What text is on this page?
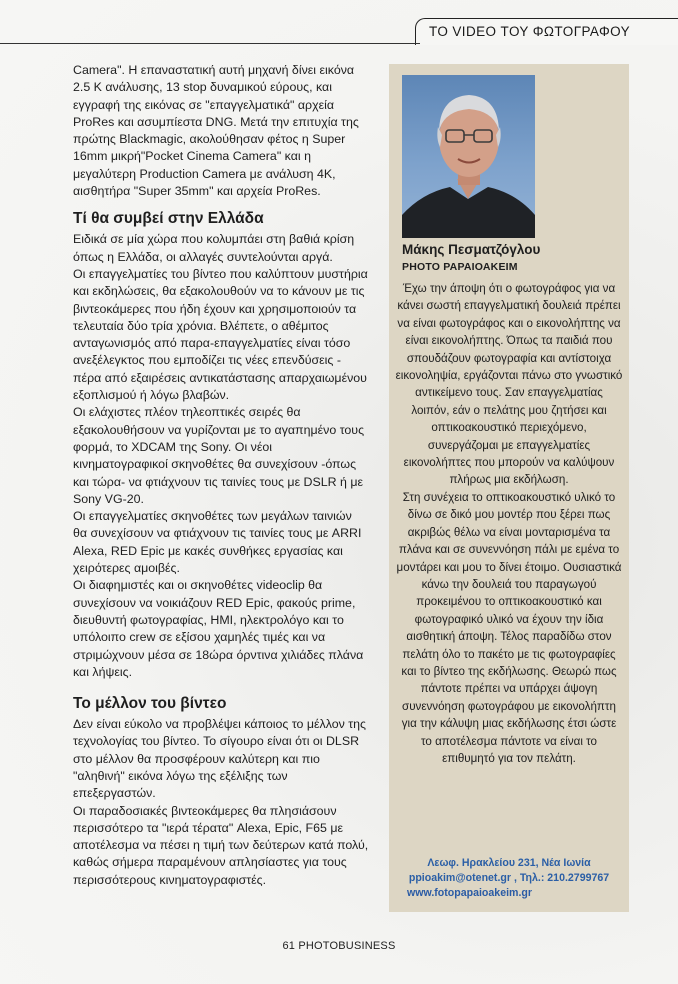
ΤΟ VIDEO ΤΟΥ ΦΩΤΟΓΡΑΦΟΥ

Camera". Η επαναστατική αυτή μηχανή δίνει εικόνα 2.5 Κ ανάλυσης, 13 stop δυναμικού εύρους, και εγγραφή της εικόνας σε "επαγγελματικά" αρχεία ProRes και ασυμπίεστα DNG. Μετά την επιτυχία της πρώτης Blackmagic, ακολούθησαν φέτος η Super 16mm μικρή"Pocket Cinema Camera" και η μεγαλύτερη Production Camera με ανάλυση 4K, αισθητήρα "Super 35mm" και αρχεία ProRes.

Τί θα συμβεί στην Ελλάδα

Ειδικά σε μία χώρα που κολυμπάει στη βαθιά κρίση όπως η Ελλάδα, οι αλλαγές συντελούνται αργά.

Οι επαγγελματίες του βίντεο που καλύπτουν μυστήρια και εκδηλώσεις, θα εξακολουθούν να το κάνουν με τις βιντεοκάμερες που ήδη έχουν και χρησιμοποιούν τα τελευταία δύο τρία χρόνια. Βλέπετε, ο αθέμιτος ανταγωνισμός από παρα-επαγγελματίες είναι τόσο ανεξέλεγκτος που εμποδίζει τις νέες επενδύσεις - πέρα από εξαιρέσεις αντικατάστασης απαρχαιωμένου εξοπλισμού ή λόγω βλαβών.

Οι ελάχιστες πλέον τηλεοπτικές σειρές θα εξακολουθήσουν να γυρίζονται με το αγαπημένο τους φορμά, το XDCAM της Sony. Οι νέοι κινηματογραφικοί σκηνοθέτες θα συνεχίσουν -όπως και τώρα- να φτιάχνουν τις ταινίες τους με DSLR ή με Sony VG-20.

Οι επαγγελματίες σκηνοθέτες των μεγάλων ταινιών θα συνεχίσουν να φτιάχνουν τις ταινίες τους με ARRI Alexa, RED Epic με κακές συνθήκες εργασίας και χειρότερες αμοιβές.

Οι διαφημιστές και οι σκηνοθέτες videoclip θα συνεχίσουν να νοικιάζουν RED Epic, φακούς prime, διευθυντή φωτογραφίας, HMI, ηλεκτρολόγο και το υπόλοιπο crew σε εξίσου χαμηλές τιμές και να στριμώχνουν μέσα σε 18ώρα όρντινα χιλιάδες πλάνα και λήψεις.

Το μέλλον του βίντεο

Δεν είναι εύκολο να προβλέψει κάποιος το μέλλον της τεχνολογίας του βίντεο. Το σίγουρο είναι ότι οι DLSR στο μέλλον θα προσφέρουν καλύτερη και πιο "αληθινή" εικόνα λόγω της εξέλιξης των επεξεργαστών.

Οι παραδοσιακές βιντεοκάμερες θα πλησιάσουν περισσότερο τα "ιερά τέρατα" Alexa, Epic, F65 με αποτέλεσμα να πέσει η τιμή των δεύτερων κατά πολύ, καθώς σήμερα παραμένουν απλησίαστες για τους περισσότερους κινηματογραφιστές.

Μάκης Πεσματζόγλου
PHOTO ΡΑΡΑΙΟΑΚΕΙΜ

Έχω την άποψη ότι ο φωτογράφος για να κάνει σωστή επαγγελματική δουλειά πρέπει να είναι φωτογράφος και ο εικονολήπτης να είναι εικονολήπτης. Όπως τα παιδιά που σπουδάζουν φωτογραφία και αντίστοιχα εικονοληψία, εργάζονται πάνω στο γνωστικό αντικείμενο τους. Σαν επαγγελματίας λοιπόν, εάν ο πελάτης μου ζητήσει και οπτικοακουστικό περιεχόμενο, συνεργάζομαι με επαγγελματίες εικονολήπτες που μπορούν να καλύψουν πλήρως μια εκδήλωση.

Στη συνέχεια το οπτικοακουστικό υλικό το δίνω σε δικό μου μοντέρ που ξέρει πως ακριβώς θέλω να είναι μονταρισμένα τα πλάνα και σε συνεννόηση πάλι με εμένα το μοντάρει και μου το δίνει έτοιμο. Ουσιαστικά κάνω την δουλειά του παραγωγού προκειμένου το οπτικοακουστικό και φωτογραφικό υλικό να έχουν την ίδια αισθητική άποψη. Τέλος παραδίδω στον πελάτη όλο το πακέτο με τις φωτογραφίες και το βίντεο της εκδήλωσης. Θεωρώ πως πάντοτε πρέπει να υπάρχει άψογη συνεννόηση φωτογράφου με εικονολήπτη για την κάλυψη μιας εκδήλωσης έτσι ώστε το αποτέλεσμα πάντοτε να είναι το επιθυμητό για τον πελάτη.

Λεωφ. Ηρακλείου 231, Νέα Ιωνία
ppioakim@otenet.gr , Τηλ.: 210.2799767
www.fotopapaioakeim.gr
61 PHOTOBUSINESS
